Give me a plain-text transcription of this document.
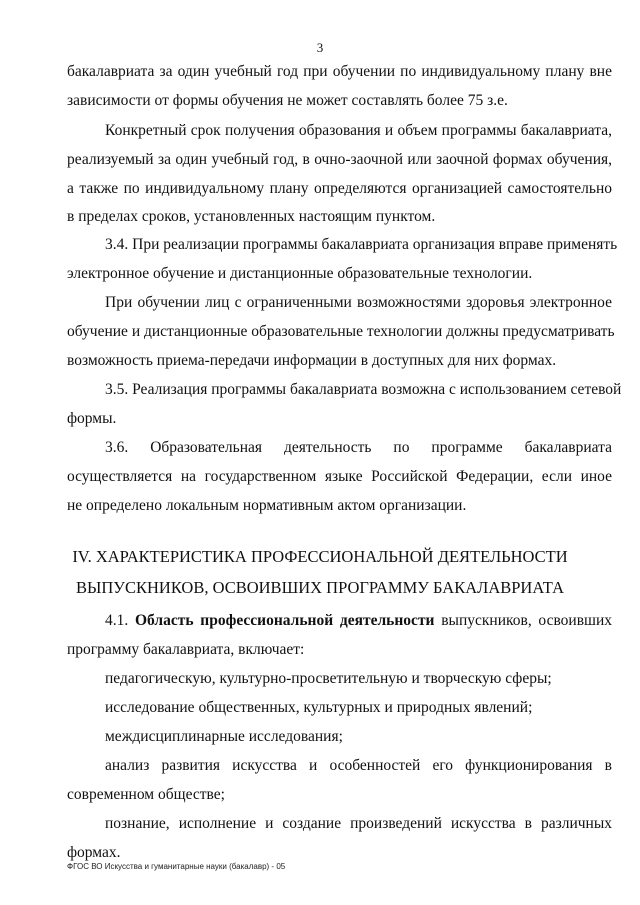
3
бакалавриата за один учебный год при обучении по индивидуальному плану вне
зависимости от формы обучения не может составлять более 75 з.е.
Конкретный срок получения образования и объем программы бакалавриата,
реализуемый за один учебный год, в очно-заочной или заочной формах обучения,
а также по индивидуальному плану определяются организацией самостоятельно
в пределах сроков, установленных настоящим пунктом.
3.4. При реализации программы бакалавриата организация вправе применять
электронное обучение и дистанционные образовательные технологии.
При обучении лиц с ограниченными возможностями здоровья электронное
обучение и дистанционные образовательные технологии должны предусматривать
возможность приема-передачи информации в доступных для них формах.
3.5. Реализация программы бакалавриата возможна с использованием сетевой
формы.
3.6. Образовательная деятельность по программе бакалавриата
осуществляется на государственном языке Российской Федерации, если иное
не определено локальным нормативным актом организации.
IV. ХАРАКТЕРИСТИКА ПРОФЕССИОНАЛЬНОЙ ДЕЯТЕЛЬНОСТИ
ВЫПУСКНИКОВ, ОСВОИВШИХ ПРОГРАММУ БАКАЛАВРИАТА
4.1. Область профессиональной деятельности выпускников, освоивших
программу бакалавриата, включает:
педагогическую, культурно-просветительную и творческую сферы;
исследование общественных, культурных и природных явлений;
междисциплинарные исследования;
анализ развития искусства и особенностей его функционирования в
современном обществе;
познание, исполнение и создание произведений искусства в различных
формах.
ФГОС ВО Искусства и гуманитарные науки (бакалавр) - 05
